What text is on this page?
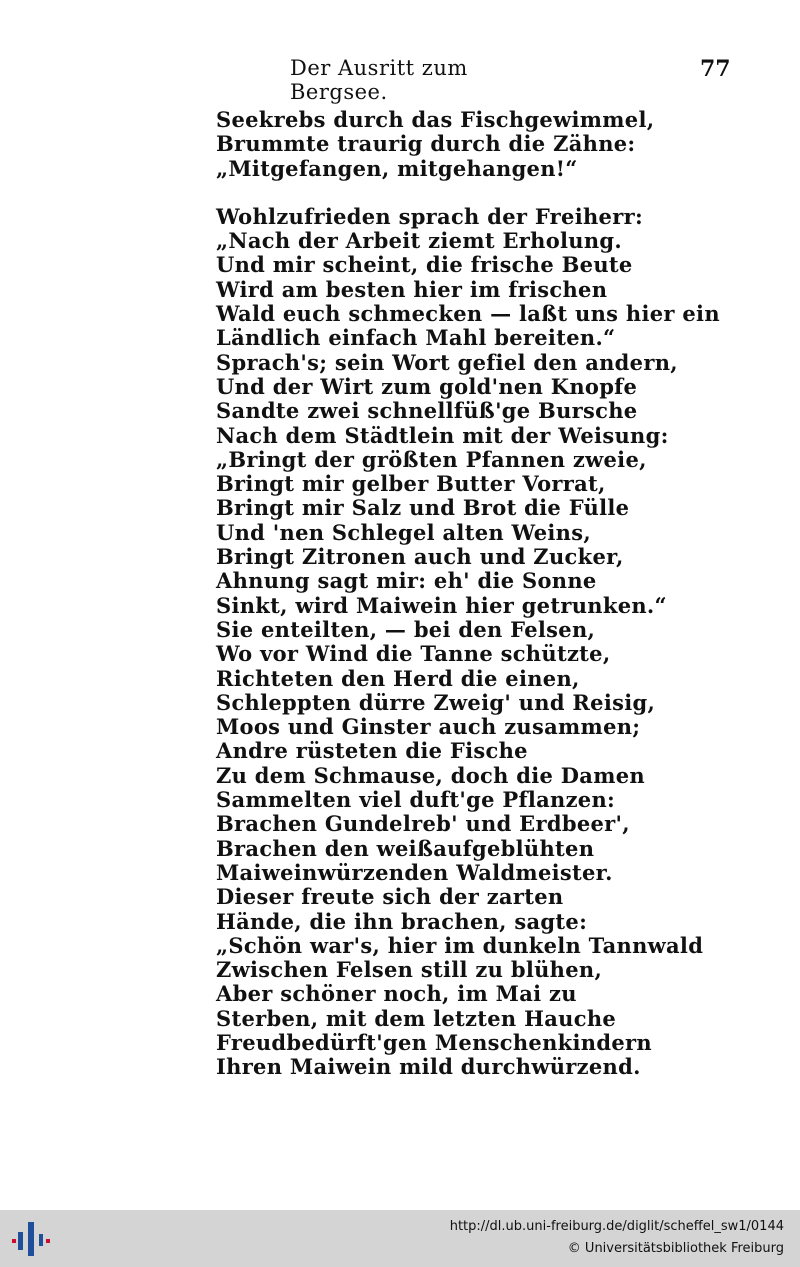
Der Ausritt zum Bergsee.
77
Seekrebs durch das Fischgewimmel,
Brummte traurig durch die Zähne:
„Mitgefangen, mitgehangen!“
Wohlzufrieden sprach der Freiherr:
„Nach der Arbeit ziemt Erholung.
Und mir scheint, die frische Beute
Wird am besten hier im frischen
Wald euch schmecken — laßt uns hier ein
Ländlich einfach Mahl bereiten.“
Sprach's; sein Wort gefiel den andern,
Und der Wirt zum gold'nen Knopfe
Sandte zwei schnellfüß'ge Bursche
Nach dem Städtlein mit der Weisung:
„Bringt der größten Pfannen zweie,
Bringt mir gelber Butter Vorrat,
Bringt mir Salz und Brot die Fülle
Und 'nen Schlegel alten Weins,
Bringt Zitronen auch und Zucker,
Ahnung sagt mir: eh' die Sonne
Sinkt, wird Maiwein hier getrunken.“
Sie enteilten, — bei den Felsen,
Wo vor Wind die Tanne schützte,
Richteten den Herd die einen,
Schleppten dürre Zweig' und Reisig,
Moos und Ginster auch zusammen;
Andre rüsteten die Fische
Zu dem Schmause, doch die Damen
Sammelten viel duft'ge Pflanzen:
Brachen Gundelreb' und Erdbeer',
Brachen den weißaufgeblühten
Maiweinwürzenden Waldmeister.
Dieser freute sich der zarten
Hände, die ihn brachen, sagte:
„Schön war's, hier im dunkeln Tannwald
Zwischen Felsen still zu blühen,
Aber schöner noch, im Mai zu
Sterben, mit dem letzten Hauche
Freudbedürft'gen Menschenkindern
Ihren Maiwein mild durchwürzend.
http://dl.ub.uni-freiburg.de/diglit/scheffel_sw1/0144
© Universitätsbibliothek Freiburg
